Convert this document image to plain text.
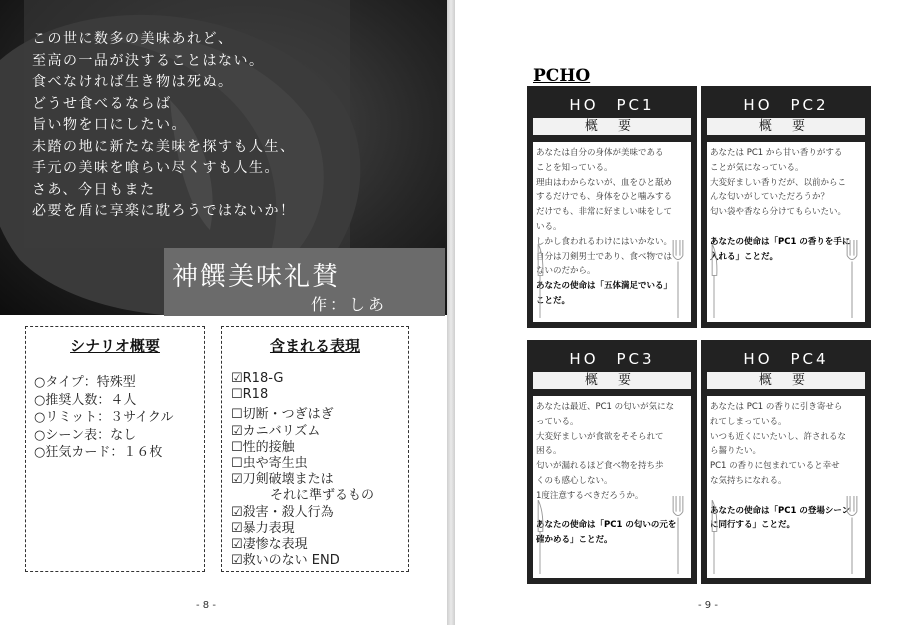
この世に数多の美味あれど、
至高の一品が決することはない。
食べなければ生き物は死ぬ。
どうせ食べるならば
旨い物を口にしたい。
未踏の地に新たな美味を探すも人生、
手元の美味を喰らい尽くすも人生。
さあ、今日もまた
必要を盾に享楽に耽ろうではないか！
神饌美味礼賛
作：しあ
シナリオ概要
○タイプ：特殊型
○推奨人数：４人
○リミット：３サイクル
○シーン表：なし
○狂気カード：１６枚
含まれる表現
☑R18-G
☐R18
☐切断・つぎはぎ
☑カニバリズム
☐性的接触
☐虫や寄生虫
☑刀剣破壊または
　　　それに準ずるもの
☑殺害・殺人行為
☑暴力表現
☑凄惨な表現
☑救いのない END
- 8 -
PCHO
HO　PC1
概 要
あなたは自分の身体が美味である
ことを知っている。
理由はわからないが、血をひと舐め
するだけでも、身体をひと噛みする
だけでも、非常に好ましい味をして
いる。
しかし食われるわけにはいかない。
自分は刀剣男士であり、食べ物では
ないのだから。
あなたの使命は「五体満足でいる」
ことだ。
HO　PC2
概 要
あなたは PC1 から甘い香りがする
ことが気になっている。
大変好ましい香りだが、以前からこ
んな匂いがしていただろうか？
匂い袋や香なら分けてもらいたい。
あなたの使命は「PC1 の香りを手に
入れる」ことだ。
HO　PC3
概 要
あなたは最近、PC1 の匂いが気にな
っている。
大変好ましいが食欲をそそられて
困る。
匂いが漏れるほど食べ物を持ち歩
くのも感心しない。
1度注意するべきだろうか。
あなたの使命は「PC1 の匂いの元を
確かめる」ことだ。
HO　PC4
概 要
あなたは PC1 の香りに引き寄せら
れてしまっている。
いつも近くにいたいし、許されるな
ら齧りたい。
PC1 の香りに包まれていると幸せ
な気持ちになれる。
あなたの使命は「PC1 の登場シーン
に同行する」ことだ。
- 9 -
